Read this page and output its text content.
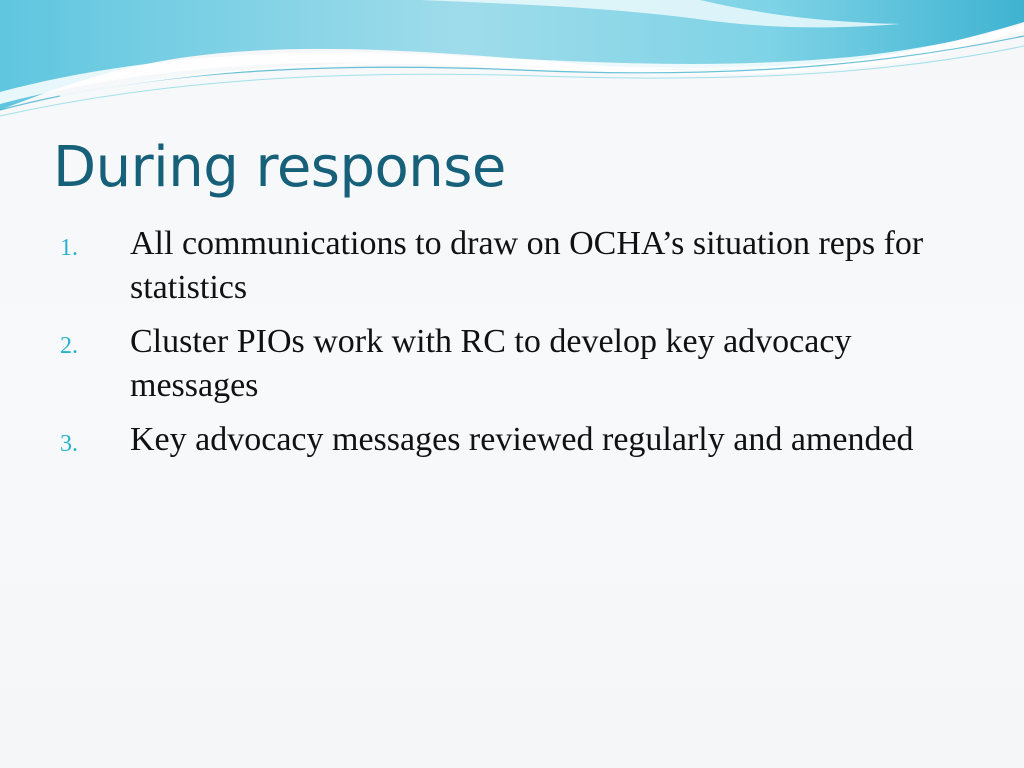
During response
1. All communications to draw on OCHA’s situation reps for statistics
2. Cluster PIOs work with RC to develop key advocacy messages
3. Key advocacy messages reviewed regularly and amended
